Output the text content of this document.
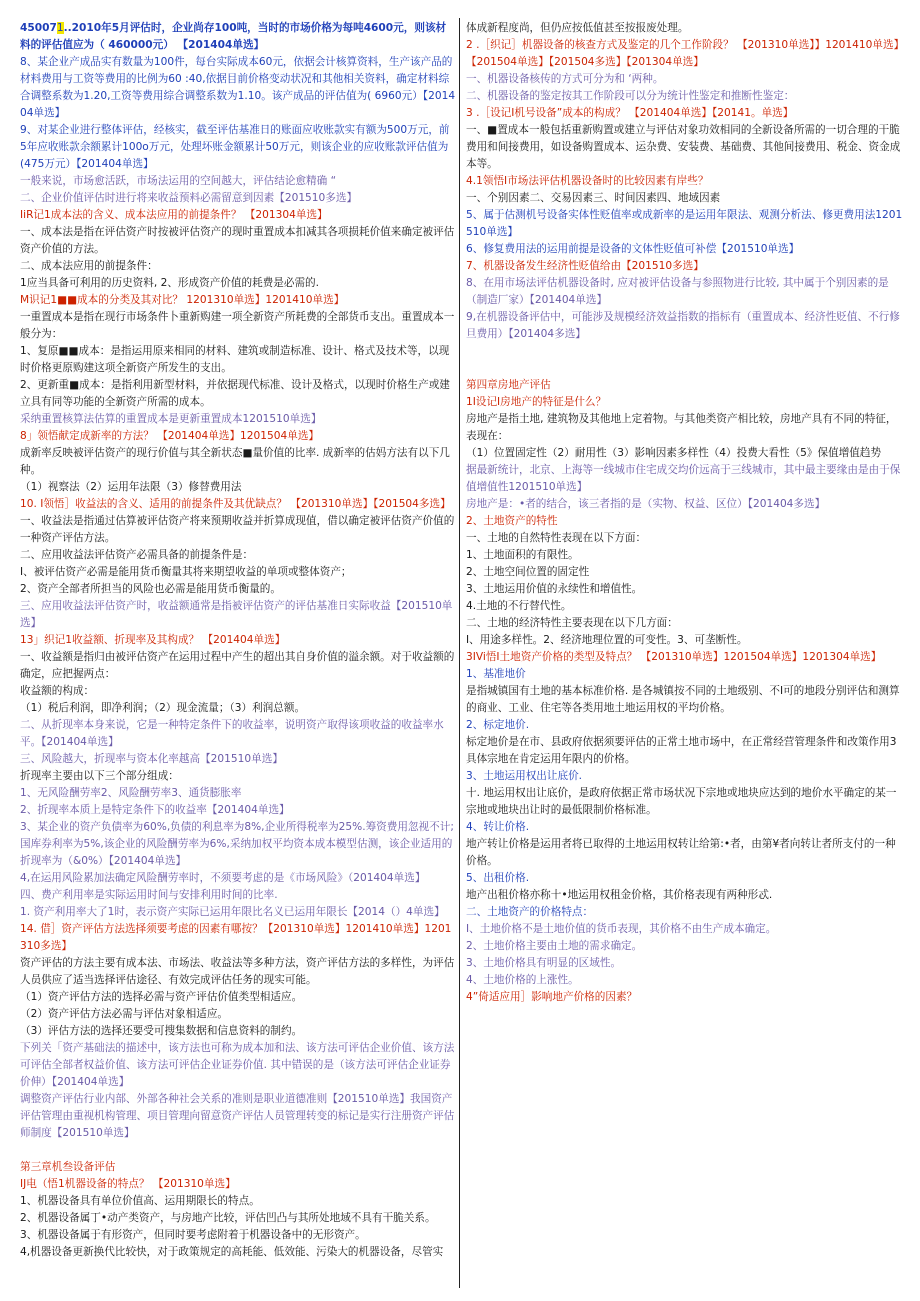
450071..2010年5月评估时，企业尚存100吨，当时的市场价格为每吨4600元，则该材料的评估值应为（ 460000元） 【201404单选】

8、某企业产成品实有数量为100件，每台实际成本60元，依据会计核算资料，生产该产品的材料费用与工资等费用的比例为60 :40,依据目前价格变动状况和其他相关资料，确定材料综合调整系数为1.20,工资等费用综合调整系数为1.10。该产成品的评估值为( 6960元）【201404单选】

9、对某企业进行整体评估，经核实，截至评估基准日的账面应收账款实有额为500万元，前5年应收账款余额累计100o万元，处理坏账金额累计50万元，则该企业的应收账款评估值为(475万元）【201404单选】

一般来说，市场愈活跃，市场法运用的空间越大，评估结论愈精确 “

二、企业价值评估时进行将来收益预料必需留意到因素【201510多选】

IiR记1成本法的含义、成本法应用的前提条件？ 【201304单选】

一、成本法是指在评估资产时按被评估资产的现时重置成本扣减其各项损耗价值来确定被评估资产价值的方法。

二、成本法应用的前提条件：

1应当具备可利用的历史资料, 2、形成资产价值的耗费是必需的.

M识记1■■成本的分类及其对比？ 1201310单选】1201410单选】

一重置成本是指在现行市场条件卜重新购建一项全新资产所耗费的全部货币支出。重置成本一般分为：

1、复原■■成本：是指运用原来相同的材料、建筑或制造标准、设计、格式及技术等，以现时价格更原购建这项全新资产所发生的支出。

2、更新重■成本：是指利用新型材料，并依据现代标准、设计及格式，以现时价格生产或建立具有同等功能的全新资产所需的成本。

采纳重置核算法估算的重置成本是更新重置成本1201510单选】

8」领悟献定成新率的方法？ 【201404单选】1201504单选】

成新率反映被评估资产的现行价值与其全新状态■量价值的比率. 成新率的估妈方法有以下几种。

（1）视察法（2）运用年法限（3）修替费用法

10. I领悟］收益法的含义、适用的前提条件及其优缺点？ 【201310单选】【201504多选】

一、收益法是指通过估算被评估资产将来预期收益并折算成现值，借以确定被评估资产价值的一种资产评估方法。

二、应用收益法评估资产必需具备的前提条件是：

I、被评估资产必需是能用货币衡量其将来期望收益的单项或整体资产；

2、资产全部者所担当的风险也必需是能用货币衡量的。

三、应用收益法评估资产时，收益额通常是指被评估资产的评估基准日实际收益【201510单选】

13」织记1收益额、折现率及其构成？ 【201404单选】

一、收益额是指归由被评估资产在运用过程中产生的超出其自身价值的溢余额。对于收益额的确定，应把握两点：

收益额的构成：

（1）税后利润，即净利润；（2）现金流量；（3）利润总额。

二、从折现率本身来说，它是一种特定条件下的收益率，说明资产取得该项收益的收益率水平。【201404单选】

三、风险越大，折现率与资本化率越高【201510单选】

折现率主要由以下三个部分组成：

1、无风险酬劳率2、风险酬劳率3、通货膨胀率

2、折现率本质上是特定条件下的收益率【201404单选】

3、某企业的资产负债率为60%,负债的利息率为8%,企业所得税率为25%.筹资费用忽视不计;国库券利率为5%,该企业的风险酬劳率为6%,采纳加权平均资本成本模型估测，该企业适用的折现率为（&0%）【201404单选】

4,在运用风险累加法确定风险酬劳率时，不须要考虑的是《市场风险》（201404单选】

四、费产利用率是实际运用时间与安排利用时间的比率.

1. 资产利用率大了1时，表示资产实际已运用年限比名义已运用年限长【2014（）4单选】

14. 借］资产评估方法选择须要考虑的因素有哪按？【201310单选】1201410单选】1201310多选】

资产评估的方法主要有成本法、市场法、收益法等多种方法，资产评估方法的多样性，为评估人员供应了适当选择评估途径、有效完成评估任务的现实可能。

（1）资产评估方法的选择必需与资产评估价值类型相适应。

（2）资产评估方法必需与评估对象相适应。

（3）评估方法的选择还要受可搜集数据和信息资料的制约。

下列关「资产基础法的描述中，该方法也可称为成本加和法、该方法可评估企业价值、该方法可评估全部者权益价值、该方法可评估企业证券价值. 其中错误的是（该方法可评估企业证券价伸）【201404单选】

调整资产评估行业内部、外部各种社会关系的准则是职业道德准则【201510单选】我国资产评估管理由重视机构管理、项目管理向留意资产评估人员管理转变的标记是实行注册资产评估师制度【201510单选】

第三章机叁设备评估

IJ电（悟1机器设备的特点？ 【201310单选】

1、机器设备具有单位价值高、运用期限长的特点。

2、机器设备属丁•动产类资产，与房地产比较，评估凹凸与其所处地域不具有干脆关系。

3、机器设备属于有形资产，但同时要考虑附着于机器设备中的无形资产。

4,机器设备更新换代比较快，对于政策规定的高耗能、低效能、污染大的机器设备，尽管实

体成新程度尚，但仍应按低值甚至按报废处理。

2 .［织记］机器设备的核查方式及鉴定的几个工作阶段？ 【201310单选】】1201410单选】【201504单选】【201504多选】【201304单选】

一、机器设备核传的方式可分为和 ‘两种。

二、机器设备的鉴定按其工作阶段可以分为统计性鉴定和推断性鉴定：

3 .［设记I机号设备”成本的构成？ 【201404单选】【20141。单选】

一、■置成本一般包括重新购置或建立与评估对象功效相同的全新设备所需的一切合理的干脆费用和间接费用，如设备购置成本、运杂费、安装费、基础费、其他间接费用、税金、资金成本等。

4.1领悟I市场法评估机器设备时的比较因素有岸些？

一、个别因素二、交易因素三、时间因素四、地域因素

5、属于估测机号设备实体性贬值率或成新率的是运用年限法、观测分析法、修更费用法1201510单选】

6、修复费用法的运用前提是设备的文体性贬值可补偿【201510单选】

7、机器设备发生经济性贬值给由【201510多选】

8、在用市场法评估机器设备时, 应对被评估设备与参照物进行比较, 其中属于个别因素的是（制造厂家）【201404单选】

9,在机器设备评估中，可能涉及规模经济效益指数的指标有（重置成本、经济性贬值、不行修旦费用）【201404多选】

第四章房地产评估

1I设记I房地产的特征是什么？

房地产是指土地, 建筑物及其他地上定着物。与其他类资产相比较，房地产具有不同的特征，表现在：

（1）位置固定性（2）耐用性（3）影响因素多样性（4）投费大看性（5》保值增值趋势

据最新统计，北京、上海等一线城市住宅成交均价远高于三线城市，其中最主要缘由是由于保值增值性1201510单选】

房地产是：•者的结合，该三者指的是（实物、权益、区位）【201404多选】

2、土地资产的特性

一、土地的自然特性表现在以下方面：

1、土地面积的有限性。

2、土地空间位置的固定性

3、土地运用价值的永续性和增值性。

4.土地的不行替代性。

二、土地的经济特性主要表现在以下几方面：

I、用途多样性。2、经济地理位置的可变性。3、可垄断性。

3IVi悟I土地资产价格的类型及特点？ 【201310单选】1201504单选】1201304单选】

1、基准地价

是指城镇国有土地的基本标准价格. 是各城镇按不同的土地级别、不I可的地段分别评估和测算的商业、工业、住宅等各类用地土地运用权的平均价格。

2、标定地价.

标定地价是在市、县政府依据须要评估的正常土地市场中，在正常经营管理条件和改策作用3具体宗地在肯定运用年限内的价格。

3、土地运用权出让底价.

十. 地运用权出让底价，是政府依据正常市场状况下宗地或地块应达到的地价水平确定的某一宗地或地块出让时的最低限制价格标准。

4、转让价格.

地产转让价格是运用者将已取得的土地运用权转让给第:•者，由第¥者向转让者所支付的一种价格。

5、出租价格.

地产出租价格亦称十•地运用权租金价格，其价格表现有两种形忒.

二、土地资产的价格特点：

I、土地价格不是土地价值的货币表现，其价格不由生产成本确定。

2、土地价格主要由土地的需求确定。

3、土地价格具有明显的区域性。

4、土地价格的上涨性。

4”倚适应用］影响地产价格的因素？
